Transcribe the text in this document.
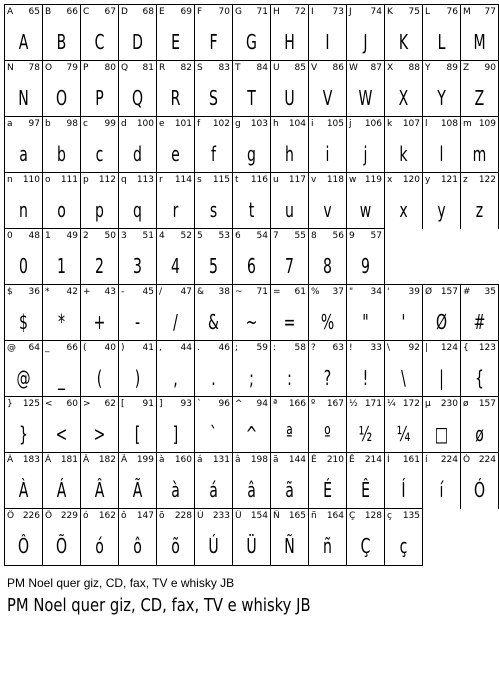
A 65
A
B 66
B
C 67
C
D 68
D
E 69
E
F 70
F
G 71
G
H 72
H
I 73
I
J 74
J
K 75
K
L 76
L
M 77
M
N 78
N
O 79
O
P 80
P
Q 81
Q
R 82
R
S 83
S
T 84
T
U 85
U
V 86
V
W 87
W
X 88
X
Y 89
Y
Z 90
Z
a 97
a
b 98
b
c 99
c
d 100
d
e 101
e
f 102
f
g 103
g
h 104
h
i 105
i
j 106
j
k 107
k
l 108
l
m 109
m
n 110
n
o 111
o
p 112
p
q 113
q
r 114
r
s 115
s
t 116
t
u 117
u
v 118
v
w 119
w
x 120
x
y 121
y
z 122
z
0 48
0
1 49
1
2 50
2
3 51
3
4 52
4
5 53
5
6 54
6
7 55
7
8 56
8
9 57
9
$ 36
$
* 42
*
+ 43
+
- 45
-
/ 47
/
& 38
&
~ 71
~
= 61
=
% 37
%
" 34
"
' 39
'
Ø 157
Ø
# 35
#
@ 64
@
_ 66
_
( 40
(
) 41
)
, 44
,
. 46
.
; 59
;
: 58
:
? 63
?
! 33
!
\ 92
\
| 124
|
{ 123
{
} 125
}
< 60
<
> 62
>
[ 91
[
] 93
]
` 96
`
^ 94
^
ª 166
ª
º 167
º
½ 171
½
¼ 172
¼
µ 230
□
ø 157
ø
À 183
À
Á 181
Á
Â 182
Â
Ã 199
Ã
à 160
à
á 131
á
â 198
â
ã 144
ã
É 210
É
Ê 214
Ê
Í 161
Í
í 224
í
Ó 224
Ó
Ô 226
Ô
Õ 229
Õ
ó 162
ó
ô 147
ô
õ 228
õ
Ú 233
Ú
Ü 154
Ü
Ñ 165
Ñ
ñ 164
ñ
Ç 128
Ç
ç 135
ç
PM Noel quer giz, CD, fax, TV e whisky JB
PM Noel quer giz, CD, fax, TV e whisky JB
